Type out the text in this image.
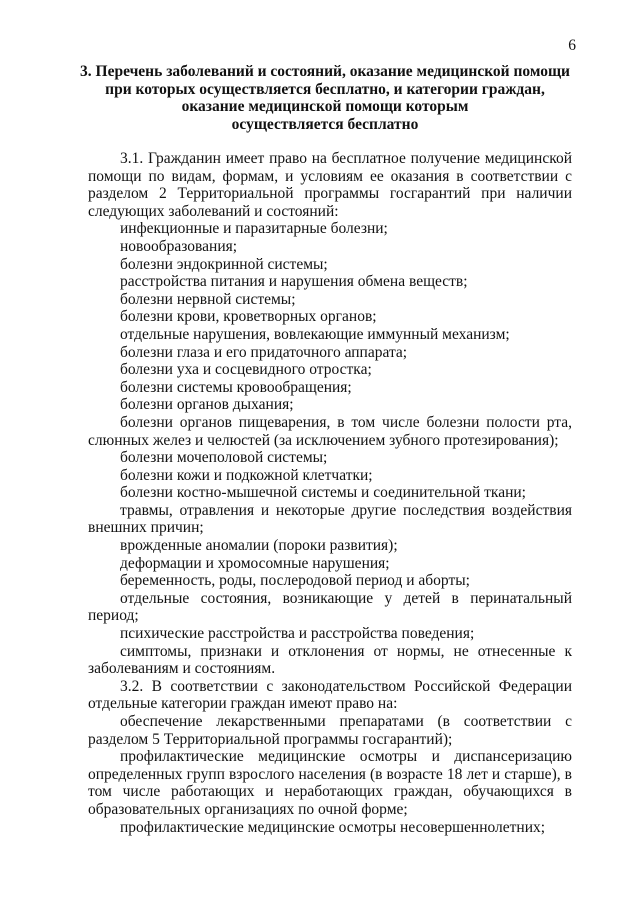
6
3. Перечень заболеваний и состояний, оказание медицинской помощи
при которых осуществляется бесплатно, и категории граждан,
оказание медицинской помощи которым
осуществляется бесплатно

3.1. Гражданин имеет право на бесплатное получение медицинской помощи по видам, формам, и условиям ее оказания в соответствии с разделом 2 Территориальной программы госгарантий при наличии следующих заболеваний и состояний:

инфекционные и паразитарные болезни;

новообразования;

болезни эндокринной системы;

расстройства питания и нарушения обмена веществ;

болезни нервной системы;

болезни крови, кроветворных органов;

отдельные нарушения, вовлекающие иммунный механизм;

болезни глаза и его придаточного аппарата;

болезни уха и сосцевидного отростка;

болезни системы кровообращения;

болезни органов дыхания;

болезни органов пищеварения, в том числе болезни полости рта, слюнных желез и челюстей (за исключением зубного протезирования);

болезни мочеполовой системы;

болезни кожи и подкожной клетчатки;

болезни костно-мышечной системы и соединительной ткани;

травмы, отравления и некоторые другие последствия воздействия внешних причин;

врожденные аномалии (пороки развития);

деформации и хромосомные нарушения;

беременность, роды, послеродовой период и аборты;

отдельные состояния, возникающие у детей в перинатальный период;

психические расстройства и расстройства поведения;

симптомы, признаки и отклонения от нормы, не отнесенные к заболеваниям и состояниям.

3.2. В соответствии с законодательством Российской Федерации отдельные категории граждан имеют право на:

обеспечение лекарственными препаратами (в соответствии с разделом 5 Территориальной программы госгарантий);

профилактические медицинские осмотры и диспансеризацию определенных групп взрослого населения (в возрасте 18 лет и старше), в том числе работающих и неработающих граждан, обучающихся в образовательных организациях по очной форме;

профилактические медицинские осмотры несовершеннолетних;
